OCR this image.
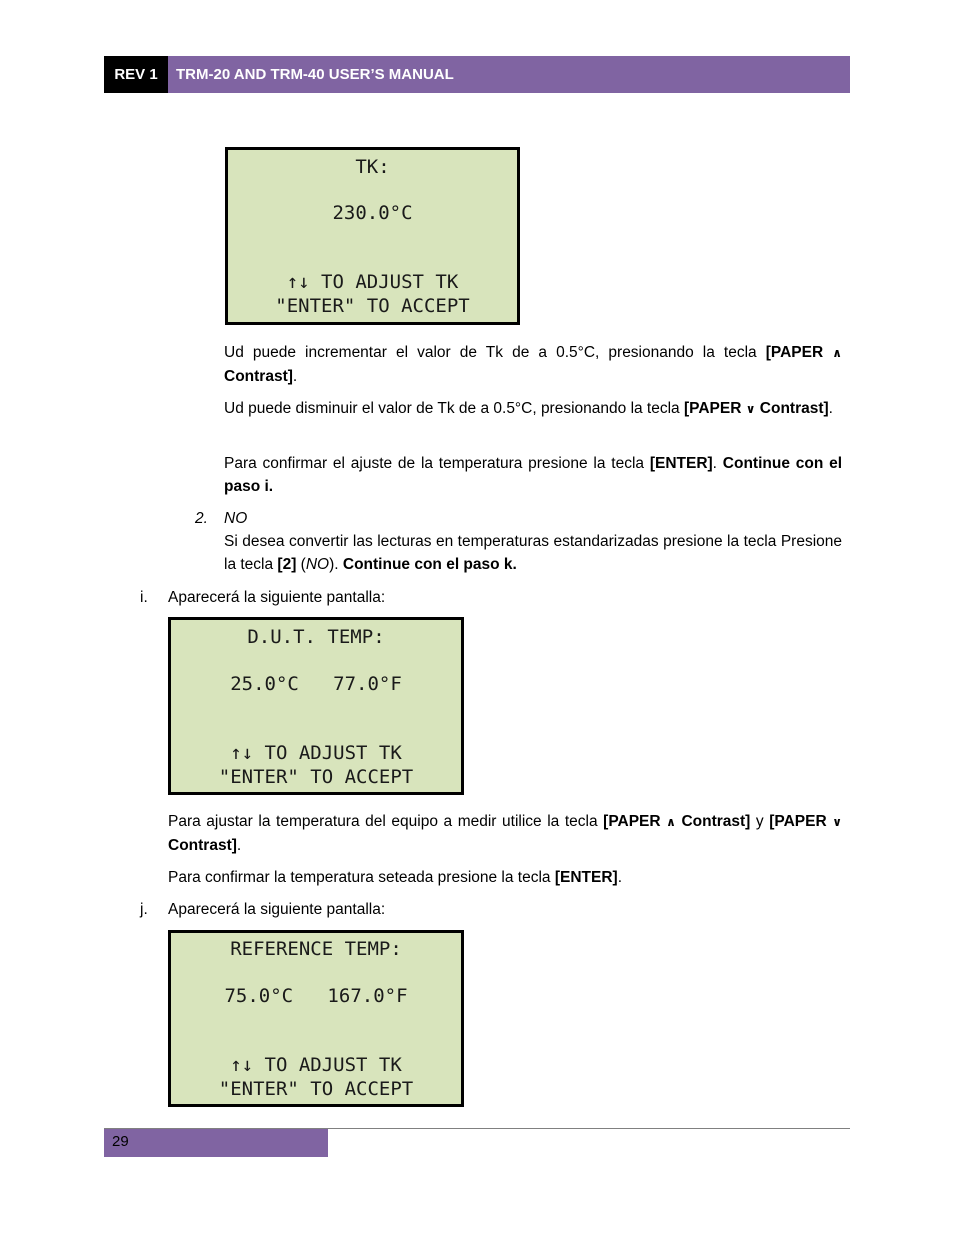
REV 1	TRM-20 AND TRM-40 USER’S MANUAL
TK:
230.0°C
↑↓ TO ADJUST TK
"ENTER" TO ACCEPT
Ud puede incrementar el valor de Tk de a 0.5°C, presionando la tecla [PAPER ∧ Contrast].
Ud puede disminuir el valor de Tk de a 0.5°C, presionando la tecla [PAPER ∨ Contrast].
Para confirmar el ajuste de la temperatura presione la tecla [ENTER]. Continue con el paso i.
2. NO
Si desea convertir las lecturas en temperaturas estandarizadas presione la tecla Presione la tecla [2] (NO). Continue con el paso k.
i. Aparecerá la siguiente pantalla:
D.U.T. TEMP:
25.0°C   77.0°F
↑↓ TO ADJUST TK
"ENTER" TO ACCEPT
Para ajustar la temperatura del equipo a medir utilice la tecla [PAPER ∧ Contrast] y [PAPER ∨ Contrast].
Para confirmar la temperatura seteada presione la tecla [ENTER].
j. Aparecerá la siguiente pantalla:
REFERENCE TEMP:
75.0°C   167.0°F
↑↓ TO ADJUST TK
"ENTER" TO ACCEPT
29
